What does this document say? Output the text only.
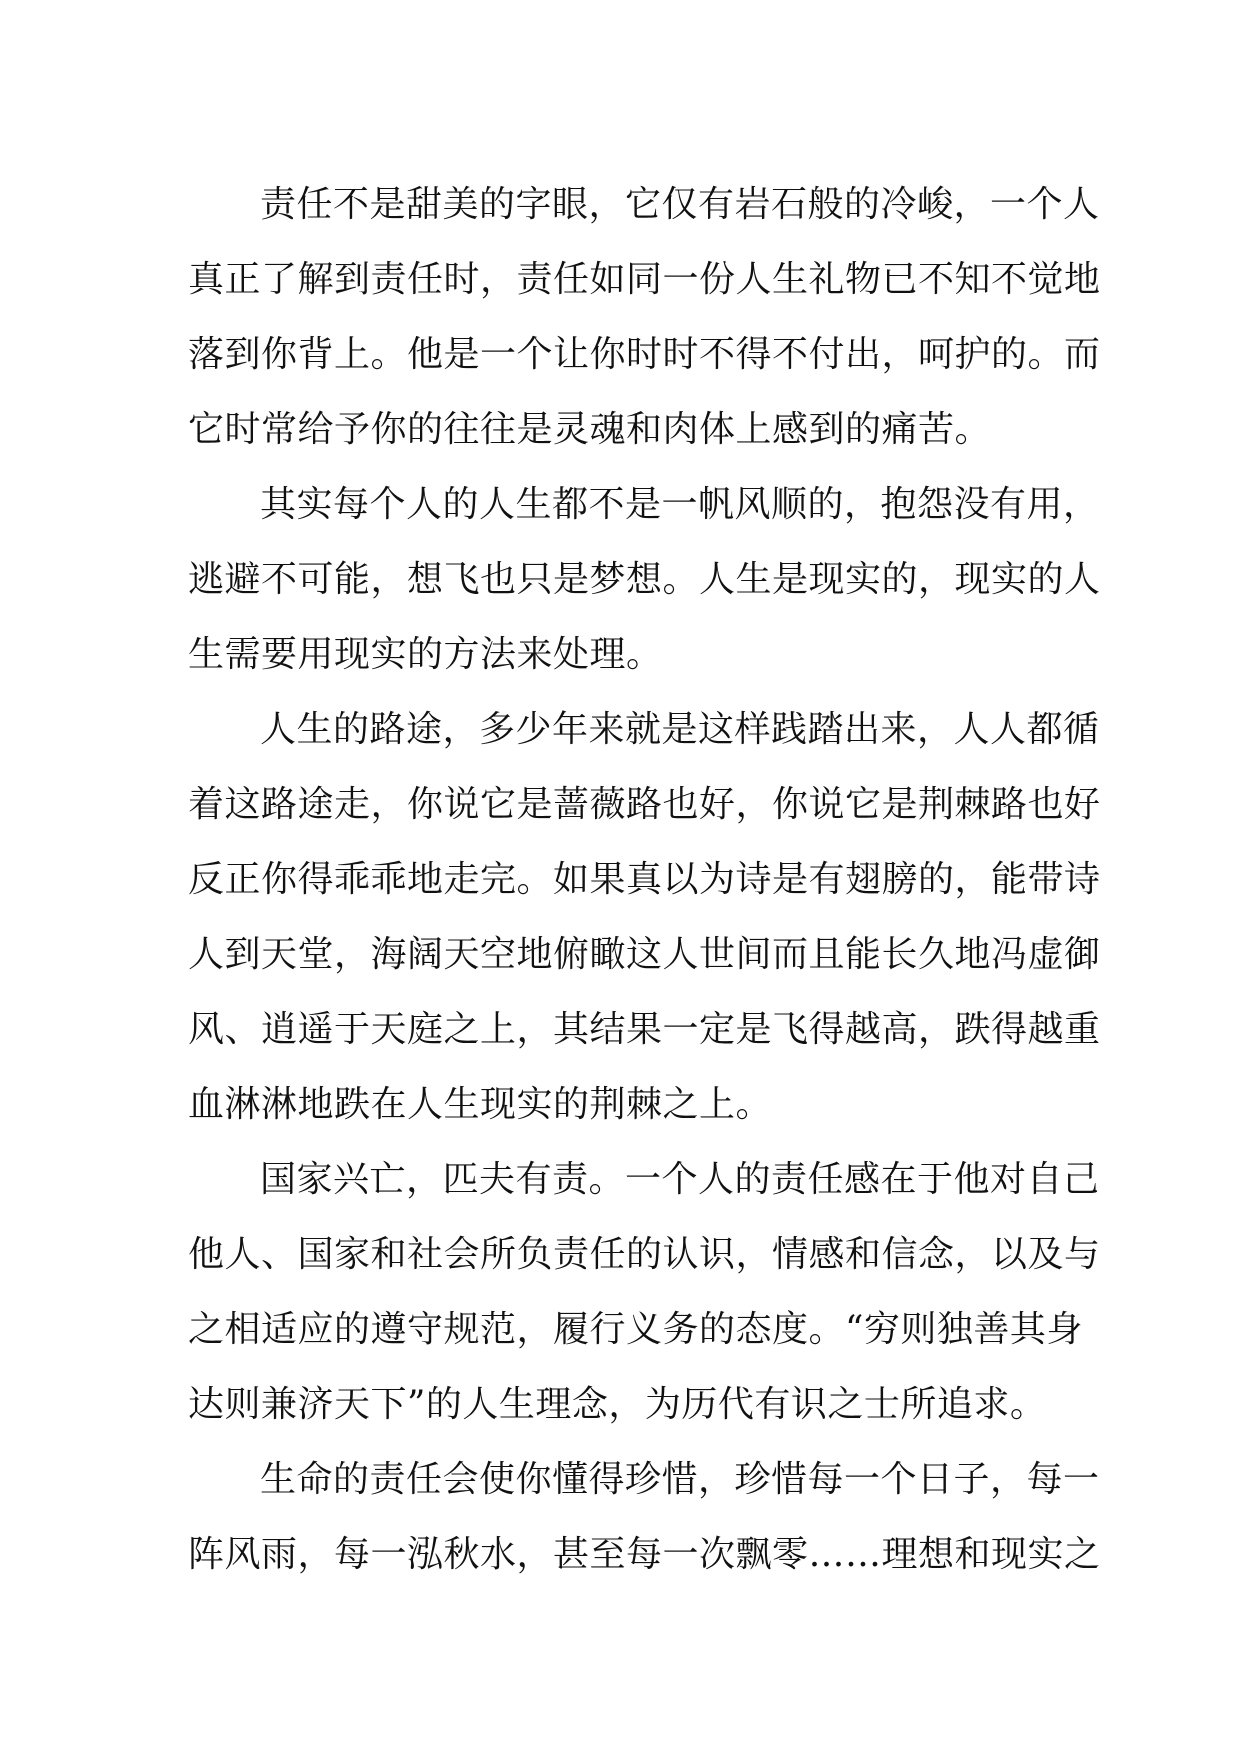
责任不是甜美的字眼，它仅有岩石般的冷峻，一个人
真正了解到责任时，责任如同一份人生礼物已不知不觉地
落到你背上。他是一个让你时时不得不付出，呵护的。而
它时常给予你的往往是灵魂和肉体上感到的痛苦。
其实每个人的人生都不是一帆风顺的，抱怨没有用，
逃避不可能，想飞也只是梦想。人生是现实的，现实的人
生需要用现实的方法来处理。
人生的路途，多少年来就是这样践踏出来，人人都循
着这路途走，你说它是蔷薇路也好，你说它是荆棘路也好
反正你得乖乖地走完。如果真以为诗是有翅膀的，能带诗
人到天堂，海阔天空地俯瞰这人世间而且能长久地冯虚御
风、逍遥于天庭之上，其结果一定是飞得越高，跌得越重
血淋淋地跌在人生现实的荆棘之上。
国家兴亡，匹夫有责。一个人的责任感在于他对自己
他人、国家和社会所负责任的认识，情感和信念，以及与
之相适应的遵守规范，履行义务的态度。“穷则独善其身
达则兼济天下”的人生理念，为历代有识之士所追求。
生命的责任会使你懂得珍惜，珍惜每一个日子，每一
阵风雨，每一泓秋水，甚至每一次飘零……理想和现实之
